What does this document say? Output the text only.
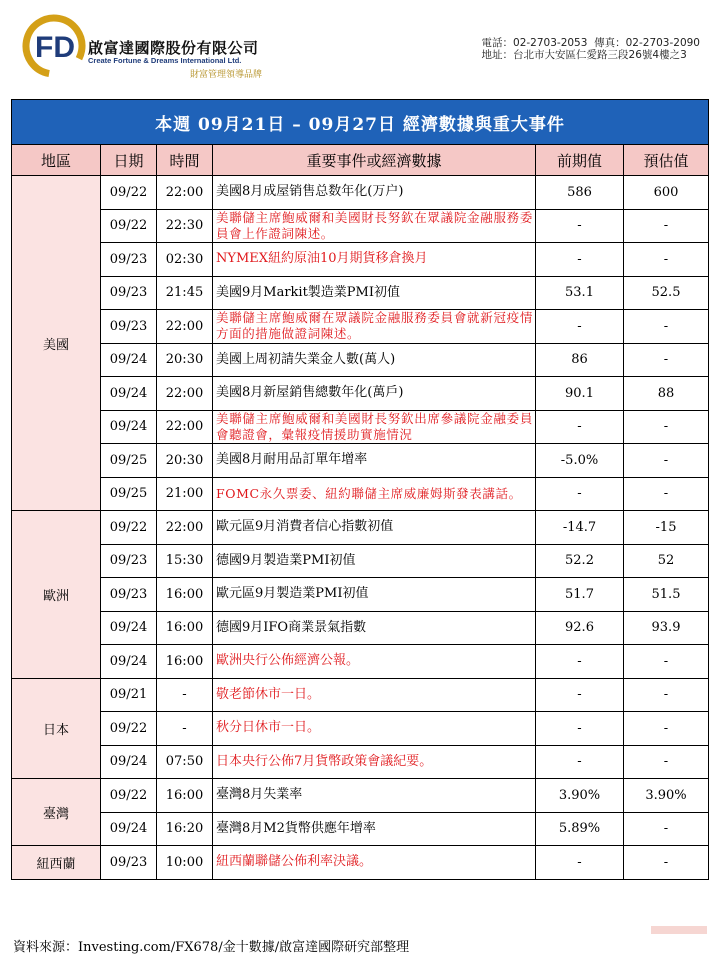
FD 啟富達國際股份有限公司
Create Fortune & Dreams International Ltd.
財富管理領導品牌
電話：02-2703-2053 傳真：02-2703-2090
地址：台北市大安區仁愛路三段26號4樓之3
本週 09月21日 – 09月27日 經濟數據與重大事件					
地區	日期	時間	重要事件或經濟數據	前期值	預估值
美國	09/22	22:00	美國8月成屋销售总数年化(万户)	586	600
	09/22	22:30	美聯儲主席鮑威爾和美國財長努欽在眾議院金融服務委員會上作證詞陳述。	-	-
	09/23	02:30	NYMEX紐約原油10月期貨移倉換月	-	-
	09/23	21:45	美國9月Markit製造業PMI初值	53.1	52.5
	09/23	22:00	美聯儲主席鮑威爾在眾議院金融服務委員會就新冠疫情方面的措施做證詞陳述。	-	-
	09/24	20:30	美國上周初請失業金人數(萬人)	86	-
	09/24	22:00	美國8月新屋銷售總數年化(萬戶)	90.1	88
	09/24	22:00	美聯儲主席鮑威爾和美國財長努欽出席參議院金融委員會聽證會，彙報疫情援助實施情況	-	-
	09/25	20:30	美國8月耐用品訂單年增率	-5.0%	-
	09/25	21:00	FOMC永久票委、紐約聯儲主席威廉姆斯發表講話。	-	-
歐洲	09/22	22:00	歐元區9月消費者信心指數初值	-14.7	-15
	09/23	15:30	德國9月製造業PMI初值	52.2	52
	09/23	16:00	歐元區9月製造業PMI初值	51.7	51.5
	09/24	16:00	德國9月IFO商業景氣指數	92.6	93.9
	09/24	16:00	歐洲央行公佈經濟公報。	-	-
日本	09/21	-	敬老節休市一日。	-	-
	09/22	-	秋分日休市一日。	-	-
	09/24	07:50	日本央行公佈7月貨幣政策會議紀要。	-	-
臺灣	09/22	16:00	臺灣8月失業率	3.90%	3.90%
	09/24	16:20	臺灣8月M2貨幣供應年增率	5.89%	-
紐西蘭	09/23	10:00	紐西蘭聯儲公佈利率決議。	-	-
資料來源：Investing.com/FX678/金十數據/啟富達國際研究部整理
